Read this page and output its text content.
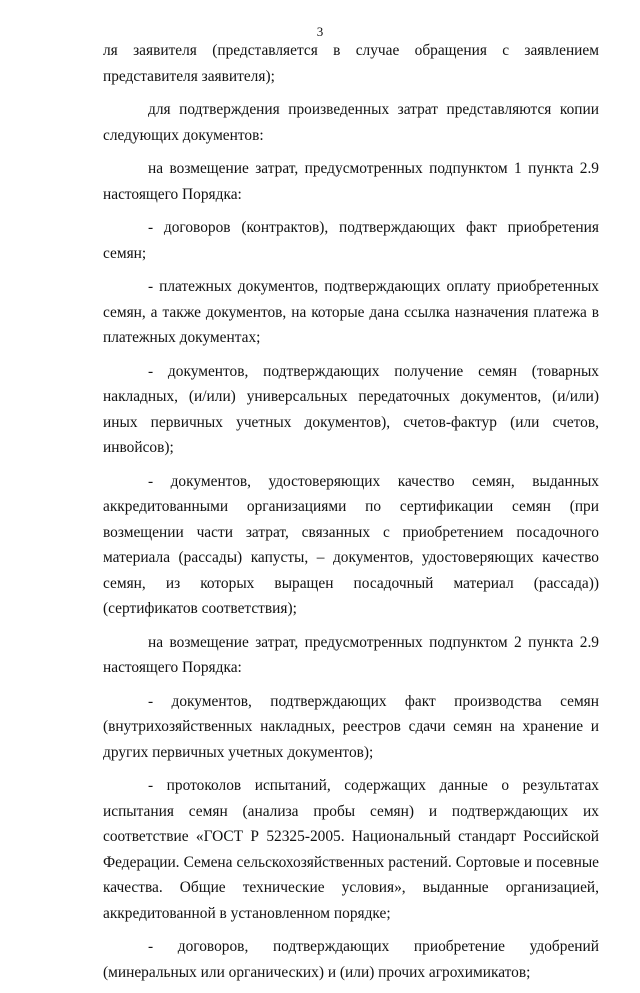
3

ля заявителя (представляется в случае обращения с заявлением представителя заявителя);

для подтверждения произведенных затрат представляются копии следующих документов:

на возмещение затрат, предусмотренных подпунктом 1 пункта 2.9 настоящего Порядка:

- договоров (контрактов), подтверждающих факт приобретения семян;

- платежных документов, подтверждающих оплату приобретенных семян, а также документов, на которые дана ссылка назначения платежа в платежных документах;

- документов, подтверждающих получение семян (товарных накладных, (и/или) универсальных передаточных документов, (и/или) иных первичных учетных документов), счетов-фактур (или счетов, инвойсов);

- документов, удостоверяющих качество семян, выданных аккредитованными организациями по сертификации семян (при возмещении части затрат, связанных с приобретением посадочного материала (рассады) капусты, – документов, удостоверяющих качество семян, из которых выращен посадочный материал (рассада)) (сертификатов соответствия);

на возмещение затрат, предусмотренных подпунктом 2 пункта 2.9 настоящего Порядка:

- документов, подтверждающих факт производства семян (внутрихозяйственных накладных, реестров сдачи семян на хранение и других первичных учетных документов);

- протоколов испытаний, содержащих данные о результатах испытания семян (анализа пробы семян) и подтверждающих их соответствие «ГОСТ Р 52325-2005. Национальный стандарт Российской Федерации. Семена сельскохозяйственных растений. Сортовые и посевные качества. Общие технические условия», выданные организацией, аккредитованной в установленном порядке;

- договоров, подтверждающих приобретение удобрений (минеральных или органических) и (или) прочих агрохимикатов;
